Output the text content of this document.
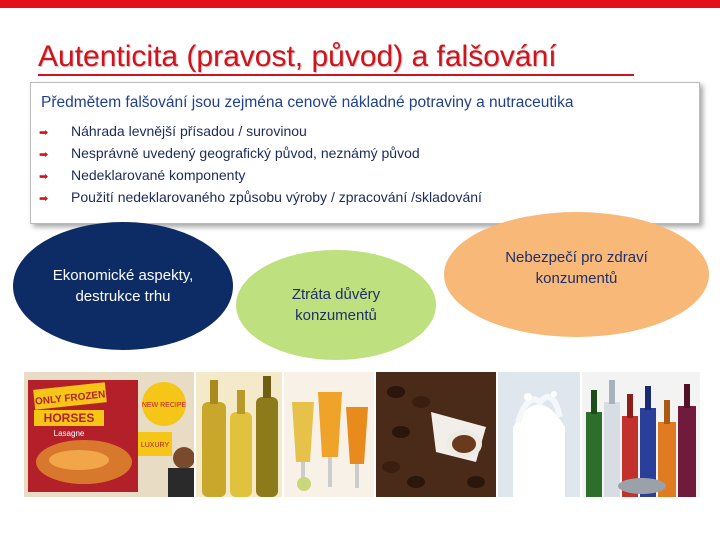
Autenticita (pravost, původ) a falšování
Předmětem falšování jsou zejména cenově nákladné potraviny a nutraceutika
➡ Náhrada levnější přísadou / surovinou
➡ Nesprávně uvedený geografický původ, neznámý původ
➡ Nedeklarované komponenty
➡ Použití nedeklarovaného způsobu výroby / zpracování /skladování
Ekonomické aspekty, destrukce trhu	Ztráta důvěry konzumentů
Nebezpečí pro zdraví konzumentů
ONLY FROZEN
HORSES
Lasagne
NEW RECIPE
LUXURY
